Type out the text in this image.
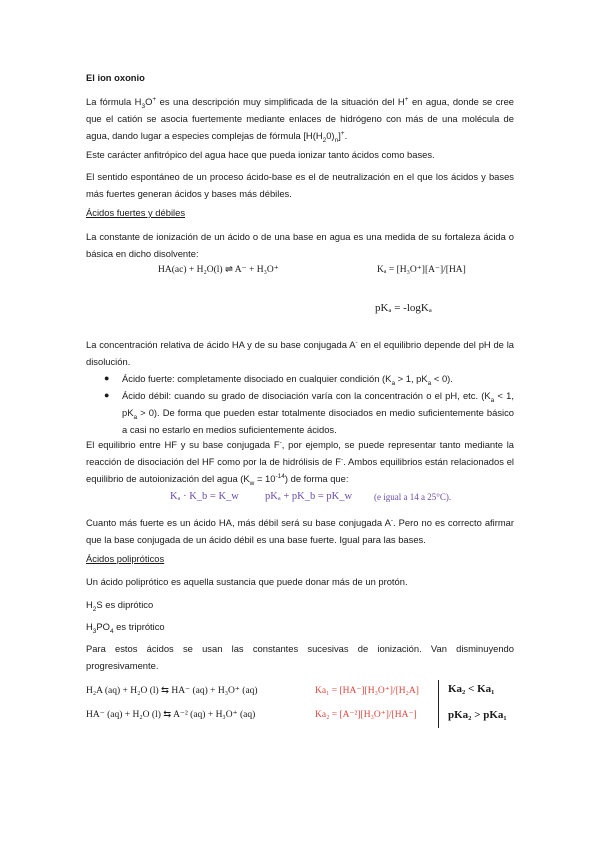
El ion oxonio
La fórmula $H_3O^+$ es una descripción muy simplificada de la situación del H+ en agua, donde se cree que el catión se asocia fuertemente mediante enlaces de hidrógeno con más de una molécula de agua, dando lugar a especies complejas de fórmula $[H(H_20)_n]^+$.
Este carácter anfitrópico del agua hace que pueda ionizar tanto ácidos como bases.
El sentido espontáneo de un proceso ácido-base es el de neutralización en el que los ácidos y bases más fuertes generan ácidos y bases más débiles.
Ácidos fuertes y débiles
La constante de ionización de un ácido o de una base en agua es una medida de su fortaleza ácida o básica en dicho disolvente:
HA(ac) + H₂O(l) ⇌ A⁻ + H₃O⁺	Kₐ = [H₃O⁺][A⁻]/[HA]
pKₐ = -logKₐ
La concentración relativa de ácido HA y de su base conjugada A- en el equilibrio depende del pH de la disolución.
● Ácido fuerte: completamente disociado en cualquier condición ($K_a > 1$, $pK_a < 0$).
● Ácido débil: cuando su grado de disociación varía con la concentración o el pH, etc. ($K_a < 1$, $pK_a > 0$). De forma que pueden estar totalmente disociados en medio suficientemente básico a casi no estarlo en medios suficientemente ácidos.
El equilibrio entre HF y su base conjugada F-, por ejemplo, se puede representar tanto mediante la reacción de disociación del HF como por la de hidrólisis de F-. Ambos equilibrios están relacionados el equilibrio de autoionización del agua $(K_w = 10^{-14})$ de forma que:
Kₐ · K_b = K_w pKₐ + pK_b = pK_w (e igual a 14 a 25°C).
Cuanto más fuerte es un ácido HA, más débil será su base conjugada A-. Pero no es correcto afirmar que la base conjugada de un ácido débil es una base fuerte. Igual para las bases.
Ácidos polipróticos
Un ácido poliprótico es aquella sustancia que puede donar más de un protón.
$H_2S$ es diprótico
$H_3PO_4$ es triprótico
Para estos ácidos se usan las constantes sucesivas de ionización. Van disminuyendo progresivamente.
H₂A (aq) + H₂O (l) ⇆ HA⁻ (aq) + H₃O⁺ (aq)	Ka₁ = [HA⁻][H₃O⁺]/[H₂A]	Ka₂ < Ka₁
HA⁻ (aq) + H₂O (l) ⇆ A⁻² (aq) + H₃O⁺ (aq)	Ka₂ = [A⁻²][H₃O⁺]/[HA⁻]	pKa₂ > pKa₁
